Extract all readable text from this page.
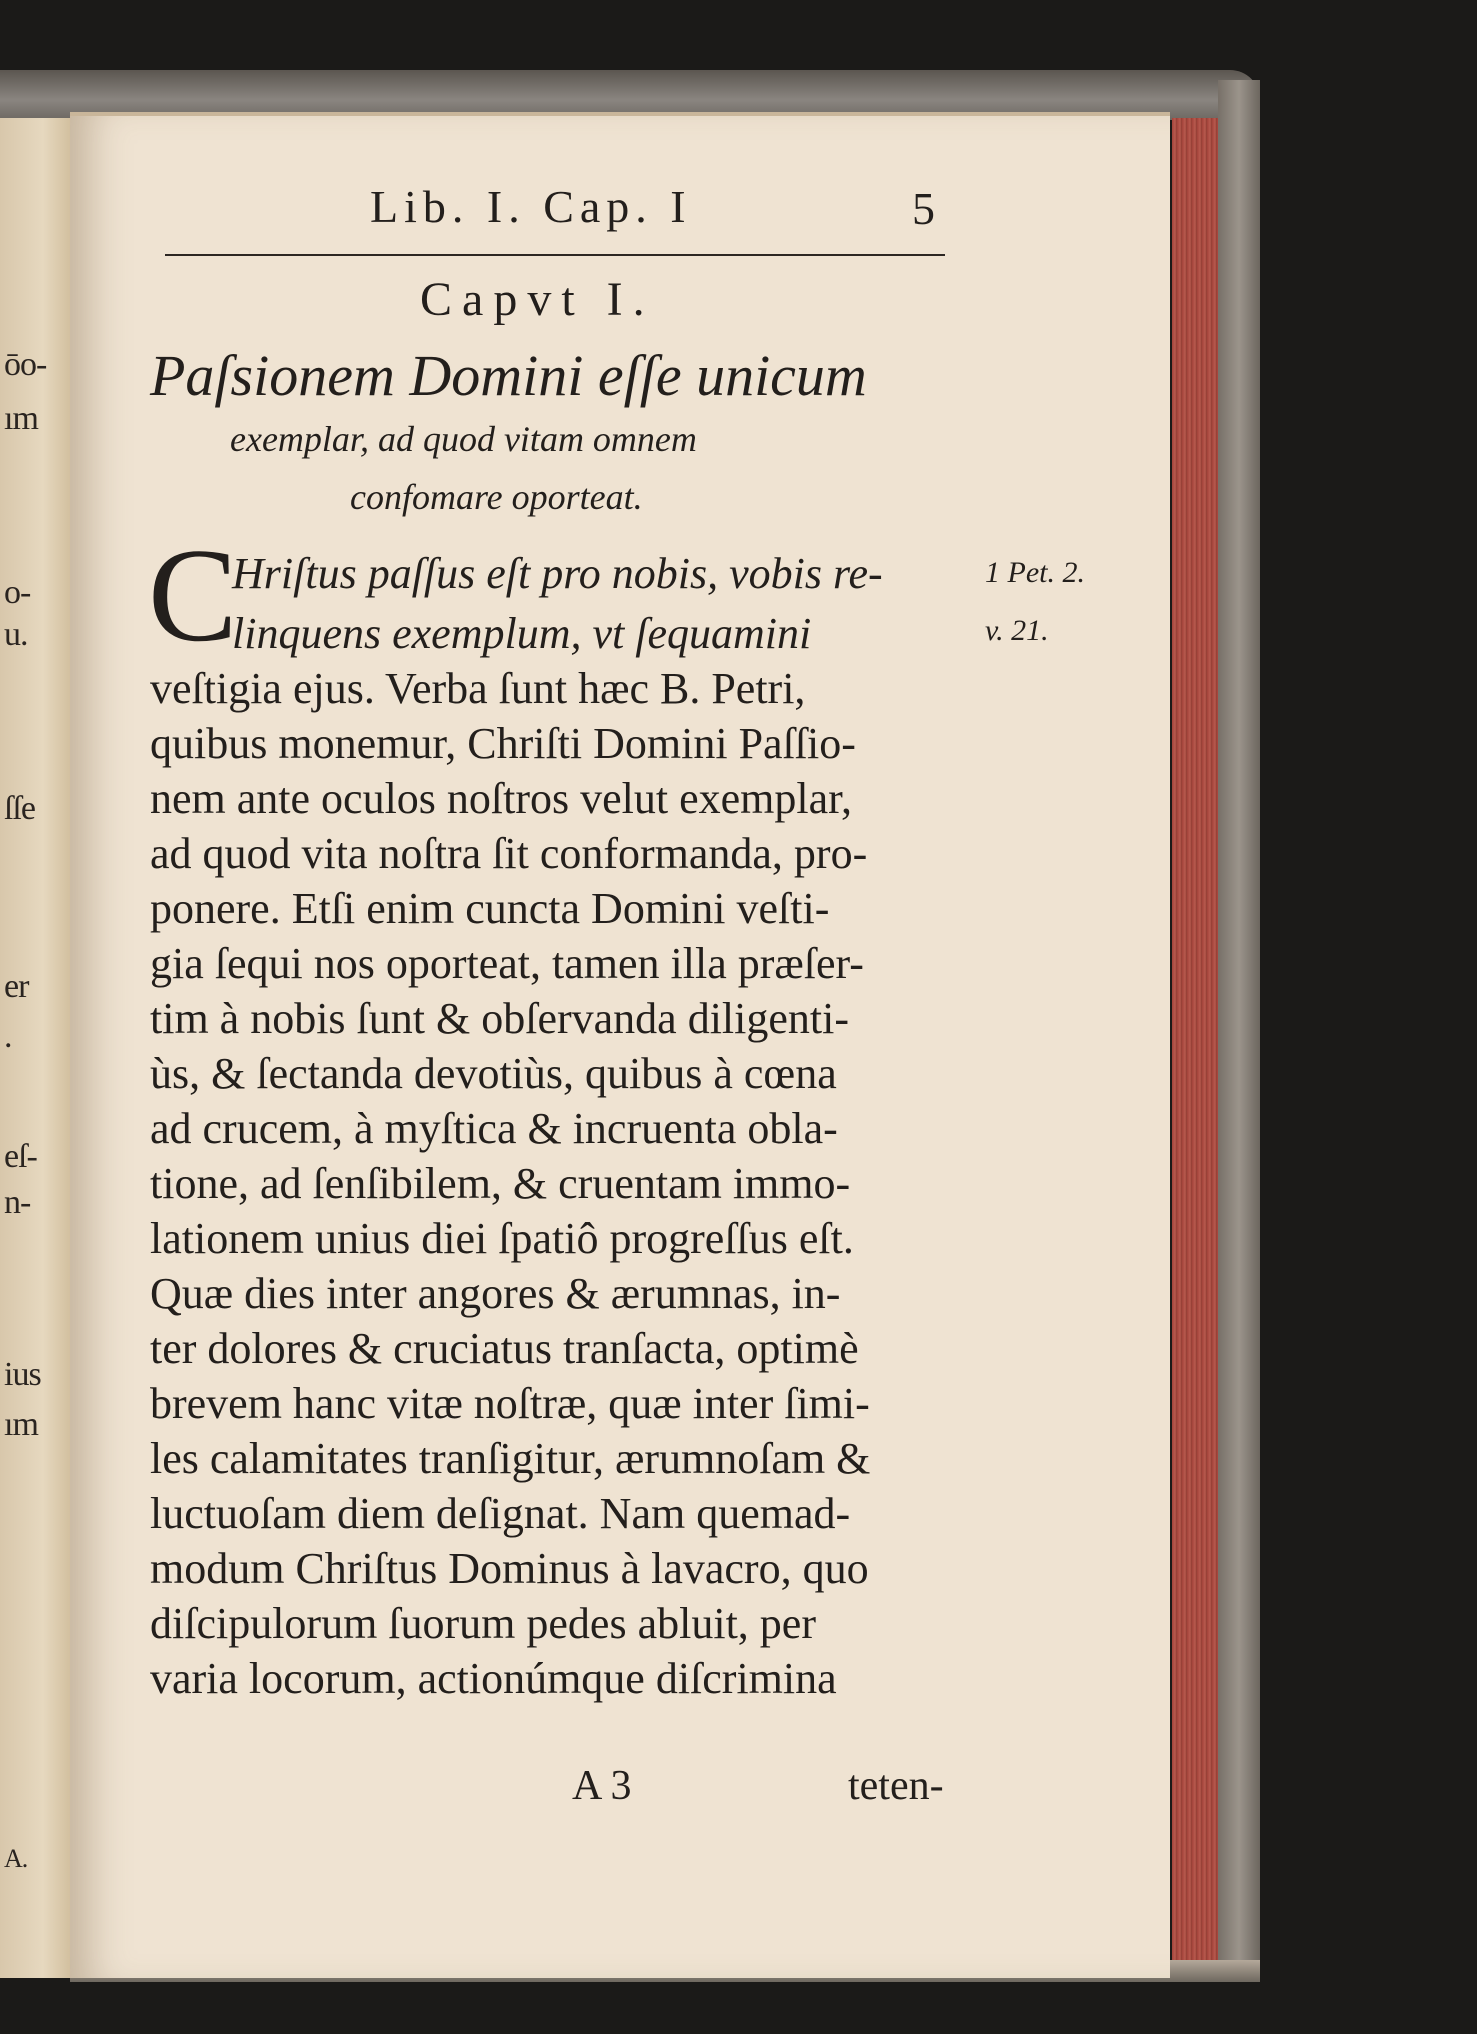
ōo-
ım
o-
u.
ſſe
er
.
eſ-
n-
ius
ım
A.
Lib. I. Cap. I	5
Capvt I.
Paſsionem Domini eſſe unicum
exemplar, ad quod vitam omnem
confomare oporteat.
C
Hriſtus paſſus eſt pro nobis, vobis re-
linquens exemplum, vt ſequamini
veſtigia ejus. Verba ſunt hæc B. Petri,
quibus monemur, Chriſti Domini Paſſio-
nem ante oculos noſtros velut exemplar,
ad quod vita noſtra ſit conformanda, pro-
ponere. Etſi enim cuncta Domini veſti-
gia ſequi nos oporteat, tamen illa præſer-
tim à nobis ſunt & obſervanda diligenti-
ùs, & ſectanda devotiùs, quibus à cœna
ad crucem, à myſtica & incruenta obla-
tione, ad ſenſibilem, & cruentam immo-
lationem unius diei ſpatiô progreſſus eſt.
Quæ dies inter angores & ærumnas, in-
ter dolores & cruciatus tranſacta, optimè
brevem hanc vitæ noſtræ, quæ inter ſimi-
les calamitates tranſigitur, ærumnoſam &
luctuoſam diem deſignat. Nam quemad-
modum Chriſtus Dominus à lavacro, quo
diſcipulorum ſuorum pedes abluit, per
varia locorum, actionúmque diſcrimina
1 Pet. 2.
v. 21.
A 3	teten-
